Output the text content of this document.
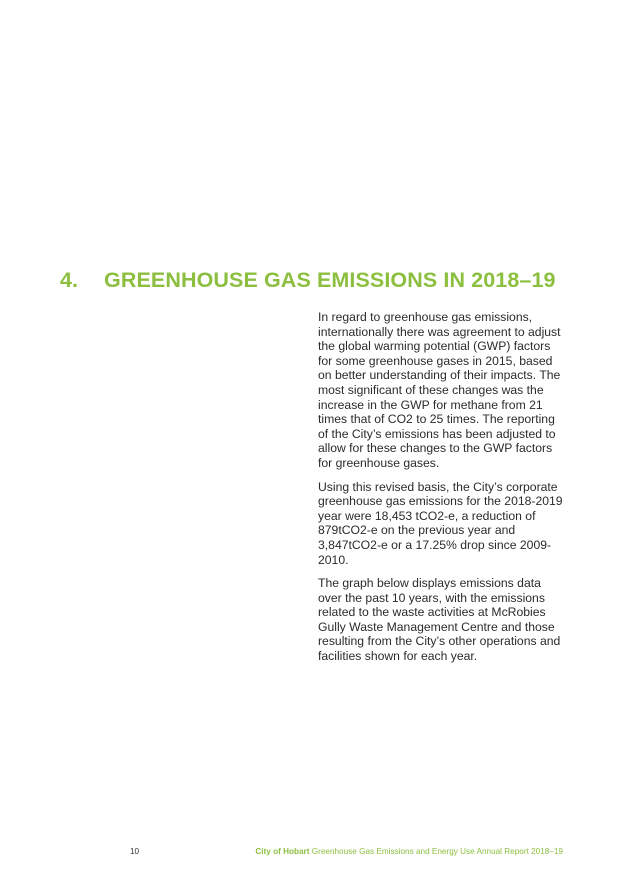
4. GREENHOUSE GAS EMISSIONS IN 2018–19

In regard to greenhouse gas emissions, internationally there was agreement to adjust the global warming potential (GWP) factors for some greenhouse gases in 2015, based on better understanding of their impacts. The most significant of these changes was the increase in the GWP for methane from 21 times that of CO2 to 25 times. The reporting of the City’s emissions has been adjusted to allow for these changes to the GWP factors for greenhouse gases.

Using this revised basis, the City’s corporate greenhouse gas emissions for the 2018-2019 year were 18,453 tCO2-e, a reduction of 879tCO2-e on the previous year and 3,847tCO2-e or a 17.25% drop since 2009-2010.

The graph below displays emissions data over the past 10 years, with the emissions related to the waste activities at McRobies Gully Waste Management Centre and those resulting from the City’s other operations and facilities shown for each year.

10	City of Hobart Greenhouse Gas Emissions and Energy Use Annual Report 2018–19
